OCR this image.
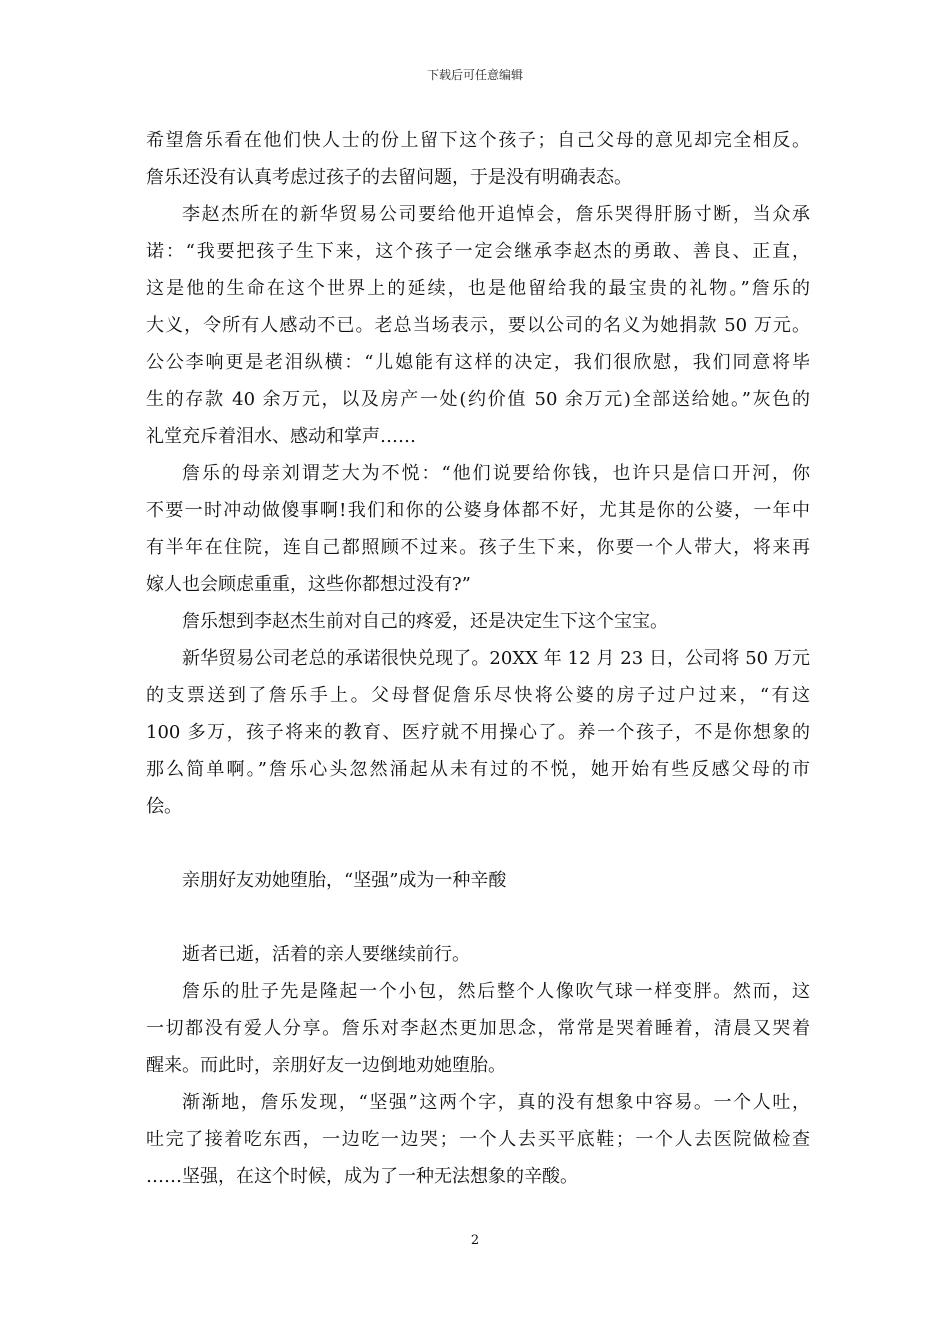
下载后可任意编辑
希望詹乐看在他们快人士的份上留下这个孩子；自己父母的意见却完全相反。
詹乐还没有认真考虑过孩子的去留问题，于是没有明确表态。
李赵杰所在的新华贸易公司要给他开追悼会，詹乐哭得肝肠寸断，当众承
诺：“我要把孩子生下来，这个孩子一定会继承李赵杰的勇敢、善良、正直，
这是他的生命在这个世界上的延续，也是他留给我的最宝贵的礼物。”詹乐的
大义，令所有人感动不已。老总当场表示，要以公司的名义为她捐款 50 万元。
公公李响更是老泪纵横：“儿媳能有这样的决定，我们很欣慰，我们同意将毕
生的存款 40 余万元，以及房产一处(约价值 50 余万元)全部送给她。”灰色的
礼堂充斥着泪水、感动和掌声……
詹乐的母亲刘谓芝大为不悦：“他们说要给你钱，也许只是信口开河，你
不要一时冲动做傻事啊!我们和你的公婆身体都不好，尤其是你的公婆，一年中
有半年在住院，连自己都照顾不过来。孩子生下来，你要一个人带大，将来再
嫁人也会顾虑重重，这些你都想过没有?”
詹乐想到李赵杰生前对自己的疼爱，还是决定生下这个宝宝。
新华贸易公司老总的承诺很快兑现了。20XX 年 12 月 23 日，公司将 50 万元
的支票送到了詹乐手上。父母督促詹乐尽快将公婆的房子过户过来，“有这
100 多万，孩子将来的教育、医疗就不用操心了。养一个孩子，不是你想象的
那么简单啊。”詹乐心头忽然涌起从未有过的不悦，她开始有些反感父母的市
侩。
亲朋好友劝她堕胎，“坚强”成为一种辛酸
逝者已逝，活着的亲人要继续前行。
詹乐的肚子先是隆起一个小包，然后整个人像吹气球一样变胖。然而，这
一切都没有爱人分享。詹乐对李赵杰更加思念，常常是哭着睡着，清晨又哭着
醒来。而此时，亲朋好友一边倒地劝她堕胎。
渐渐地，詹乐发现，“坚强”这两个字，真的没有想象中容易。一个人吐，
吐完了接着吃东西，一边吃一边哭；一个人去买平底鞋；一个人去医院做检查
……坚强，在这个时候，成为了一种无法想象的辛酸。
2
